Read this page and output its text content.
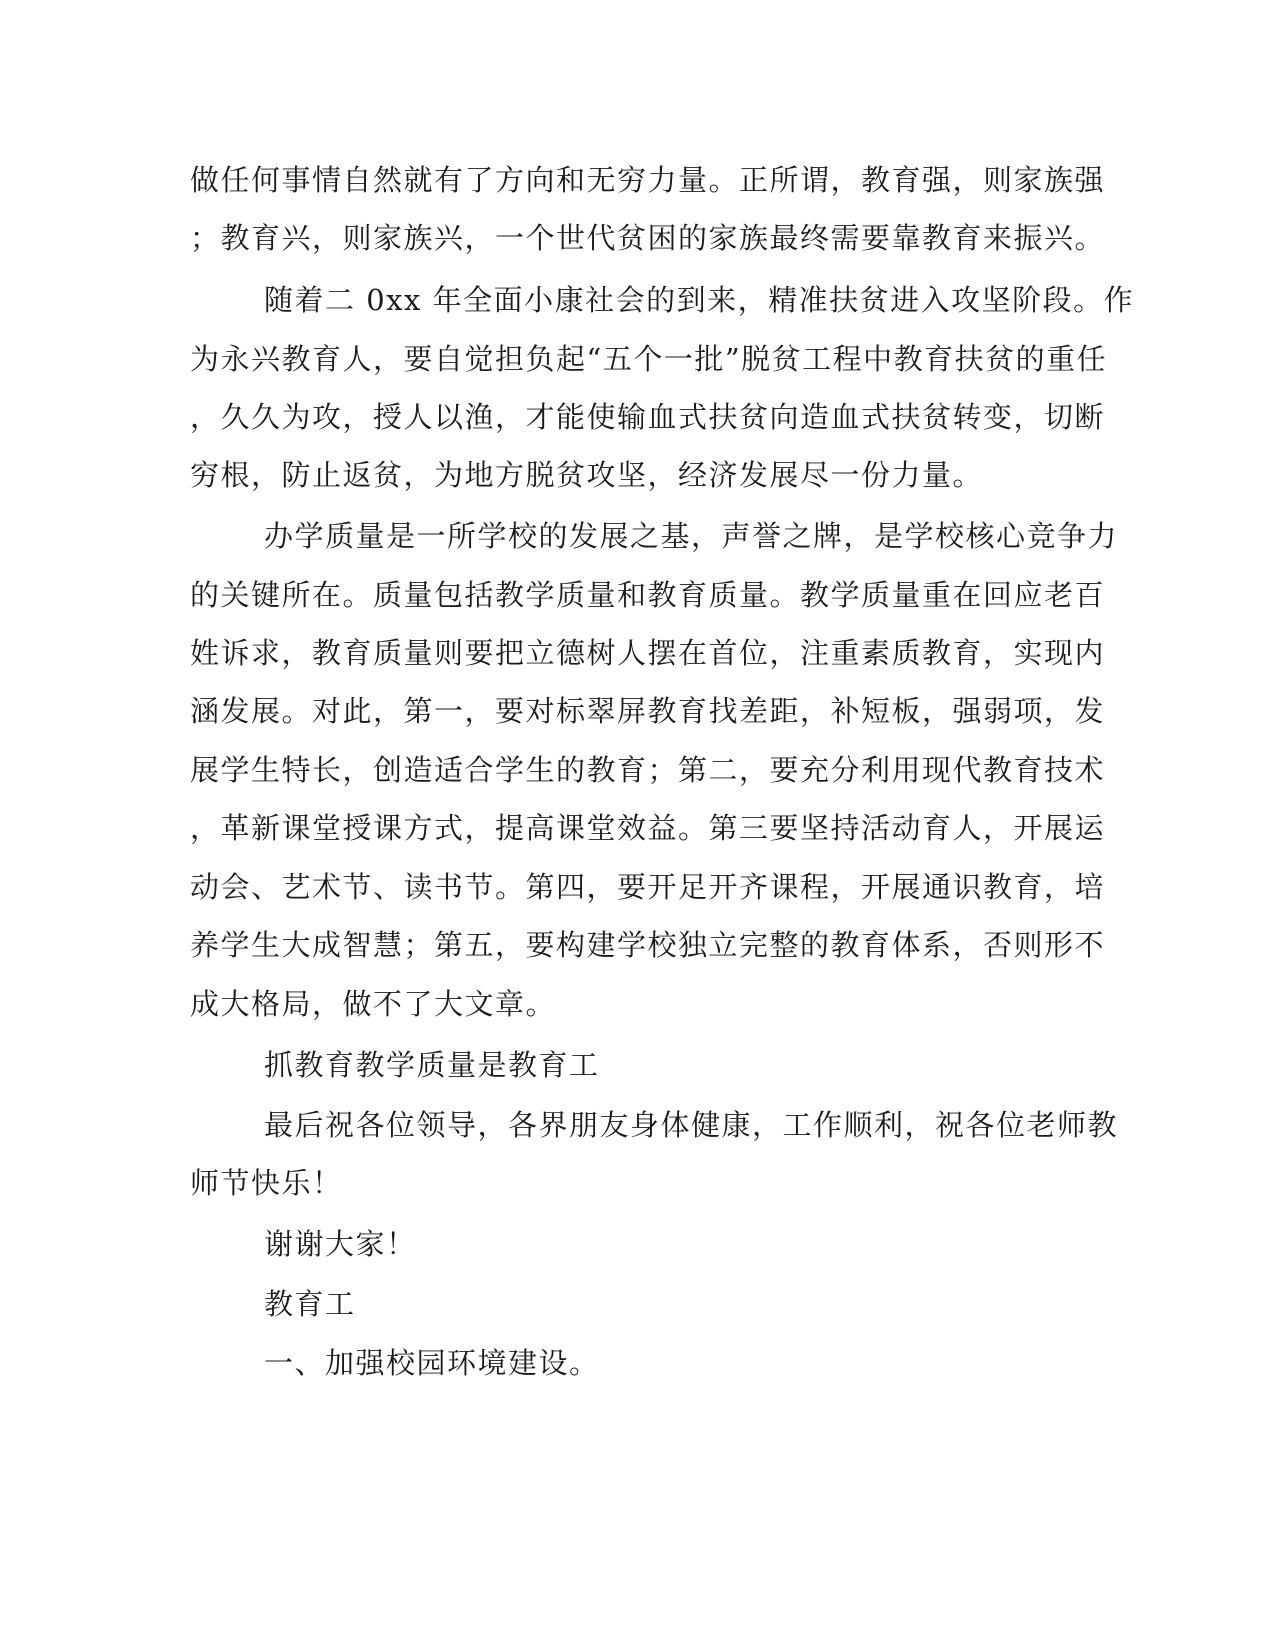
做任何事情自然就有了方向和无穷力量。正所谓，教育强，则家族强
；教育兴，则家族兴，一个世代贫困的家族最终需要靠教育来振兴。
随着二 0xx 年全面小康社会的到来，精准扶贫进入攻坚阶段。作
为永兴教育人，要自觉担负起“五个一批”脱贫工程中教育扶贫的重任
，久久为攻，授人以渔，才能使输血式扶贫向造血式扶贫转变，切断
穷根，防止返贫，为地方脱贫攻坚，经济发展尽一份力量。
办学质量是一所学校的发展之基，声誉之牌，是学校核心竞争力
的关键所在。质量包括教学质量和教育质量。教学质量重在回应老百
姓诉求，教育质量则要把立德树人摆在首位，注重素质教育，实现内
涵发展。对此，第一，要对标翠屏教育找差距，补短板，强弱项，发
展学生特长，创造适合学生的教育；第二，要充分利用现代教育技术
，革新课堂授课方式，提高课堂效益。第三要坚持活动育人，开展运
动会、艺术节、读书节。第四，要开足开齐课程，开展通识教育，培
养学生大成智慧；第五，要构建学校独立完整的教育体系，否则形不
成大格局，做不了大文章。
抓教育教学质量是教育工
最后祝各位领导，各界朋友身体健康，工作顺利，祝各位老师教
师节快乐！
谢谢大家！
教育工
一、加强校园环境建设。
